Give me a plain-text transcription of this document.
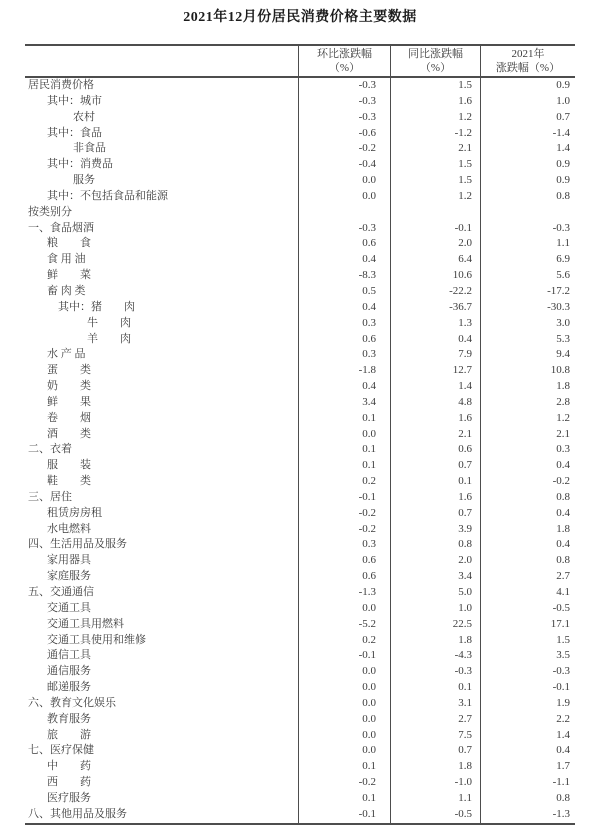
2021年12月份居民消费价格主要数据
环比涨跌幅
（%）
同比涨跌幅
（%）
2021年
涨跌幅（%）
居民消费价格	-0.3	1.5	0.9
其中：城市	-0.3	1.6	1.0
农村	-0.3	1.2	0.7
其中：食品	-0.6	-1.2	-1.4
非食品	-0.2	2.1	1.4
其中：消费品	-0.4	1.5	0.9
服务	0.0	1.5	0.9
其中：不包括食品和能源	0.0	1.2	0.8
按类别分
一、食品烟酒	-0.3	-0.1	-0.3
粮　　食	0.6	2.0	1.1
食 用 油	0.4	6.4	6.9
鲜　　菜	-8.3	10.6	5.6
畜 肉 类	0.5	-22.2	-17.2
其中：猪　　肉	0.4	-36.7	-30.3
牛　　肉	0.3	1.3	3.0
羊　　肉	0.6	0.4	5.3
水 产 品	0.3	7.9	9.4
蛋　　类	-1.8	12.7	10.8
奶　　类	0.4	1.4	1.8
鲜　　果	3.4	4.8	2.8
卷　　烟	0.1	1.6	1.2
酒　　类	0.0	2.1	2.1
二、衣着	0.1	0.6	0.3
服　　装	0.1	0.7	0.4
鞋　　类	0.2	0.1	-0.2
三、居住	-0.1	1.6	0.8
租赁房房租	-0.2	0.7	0.4
水电燃料	-0.2	3.9	1.8
四、生活用品及服务	0.3	0.8	0.4
家用器具	0.6	2.0	0.8
家庭服务	0.6	3.4	2.7
五、交通通信	-1.3	5.0	4.1
交通工具	0.0	1.0	-0.5
交通工具用燃料	-5.2	22.5	17.1
交通工具使用和维修	0.2	1.8	1.5
通信工具	-0.1	-4.3	3.5
通信服务	0.0	-0.3	-0.3
邮递服务	0.0	0.1	-0.1
六、教育文化娱乐	0.0	3.1	1.9
教育服务	0.0	2.7	2.2
旅　　游	0.0	7.5	1.4
七、医疗保健	0.0	0.7	0.4
中　　药	0.1	1.8	1.7
西　　药	-0.2	-1.0	-1.1
医疗服务	0.1	1.1	0.8
八、其他用品及服务	-0.1	-0.5	-1.3
